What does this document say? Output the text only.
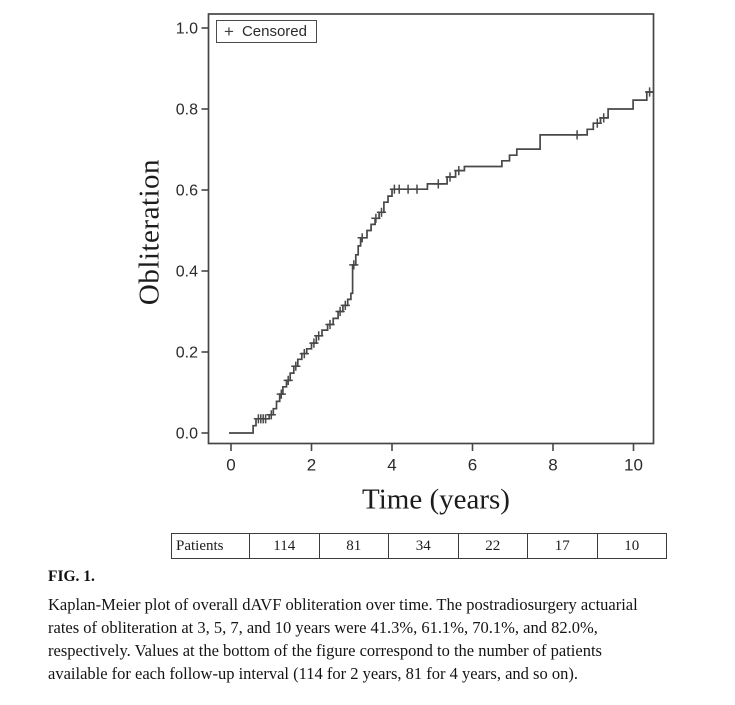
1.0
0.8
0.6
0.4
0.2
0.0
0	2	4	6	8	10
+ Censored
Obliteration
Time (years)
Patients	114	81	34	22	17	10
FIG. 1.
Kaplan-Meier plot of overall dAVF obliteration over time. The postradiosurgery actuarial
rates of obliteration at 3, 5, 7, and 10 years were 41.3%, 61.1%, 70.1%, and 82.0%,
respectively. Values at the bottom of the figure correspond to the number of patients
available for each follow-up interval (114 for 2 years, 81 for 4 years, and so on).
